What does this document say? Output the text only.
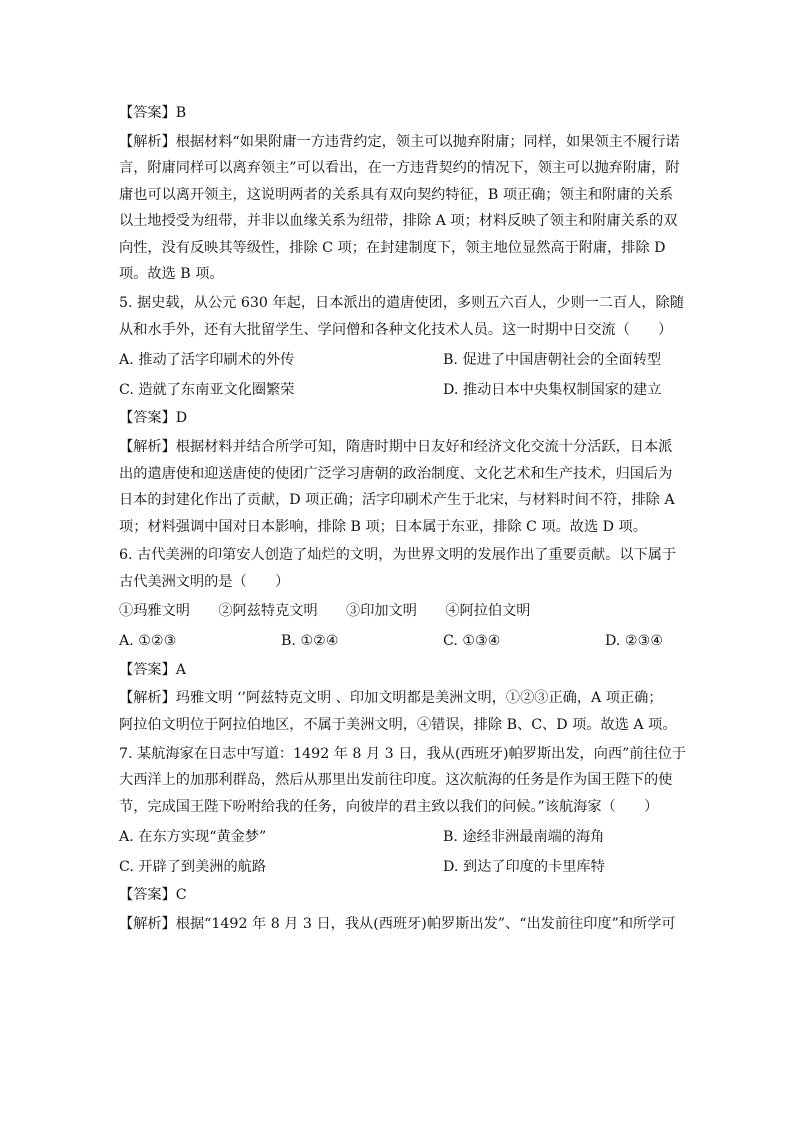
【答案】B
【解析】根据材料“如果附庸一方违背约定，领主可以抛弃附庸；同样，如果领主不履行诺
言，附庸同样可以离弃领主”可以看出，在一方违背契约的情况下，领主可以抛弃附庸，附
庸也可以离开领主，这说明两者的关系具有双向契约特征，B 项正确；领主和附庸的关系
以土地授受为纽带，并非以血缘关系为纽带，排除 A 项；材料反映了领主和附庸关系的双
向性，没有反映其等级性，排除 C 项；在封建制度下，领主地位显然高于附庸，排除 D
项。故选 B 项。
5. 据史载，从公元 630 年起，日本派出的遣唐使团，多则五六百人，少则一二百人，除随
从和水手外，还有大批留学生、学问僧和各种文化技术人员。这一时期中日交流（　　）
A. 推动了活字印刷术的外传	B. 促进了中国唐朝社会的全面转型
C. 造就了东南亚文化圈繁荣	D. 推动日本中央集权制国家的建立
【答案】D
【解析】根据材料并结合所学可知，隋唐时期中日友好和经济文化交流十分活跃，日本派
出的遣唐使和迎送唐使的使团广泛学习唐朝的政治制度、文化艺术和生产技术，归国后为
日本的封建化作出了贡献，D 项正确；活字印刷术产生于北宋，与材料时间不符，排除 A
项；材料强调中国对日本影响，排除 B 项；日本属于东亚，排除 C 项。故选 D 项。
6. 古代美洲的印第安人创造了灿烂的文明，为世界文明的发展作出了重要贡献。以下属于
古代美洲文明的是（　　）
①玛雅文明　　②阿兹特克文明　　③印加文明　　④阿拉伯文明
A. ①②③	B. ①②④	C. ①③④	D. ②③④
【答案】A
【解析】玛雅文明 ‘’阿兹特克文明 、印加文明都是美洲文明，①②③正确，A 项正确；
阿拉伯文明位于阿拉伯地区，不属于美洲文明，④错误，排除 B、C、D 项。故选 A 项。
7. 某航海家在日志中写道：1492 年 8 月 3 日，我从(西班牙)帕罗斯出发，向西”前往位于
大西洋上的加那利群岛，然后从那里出发前往印度。这次航海的任务是作为国王陛下的使
节，完成国王陛下吩咐给我的任务，向彼岸的君主致以我们的问候。”该航海家（　　）
A. 在东方实现“黄金梦”	B. 途经非洲最南端的海角
C. 开辟了到美洲的航路	D. 到达了印度的卡里库特
【答案】C
【解析】根据“1492 年 8 月 3 日，我从(西班牙)帕罗斯出发”、“出发前往印度”和所学可
